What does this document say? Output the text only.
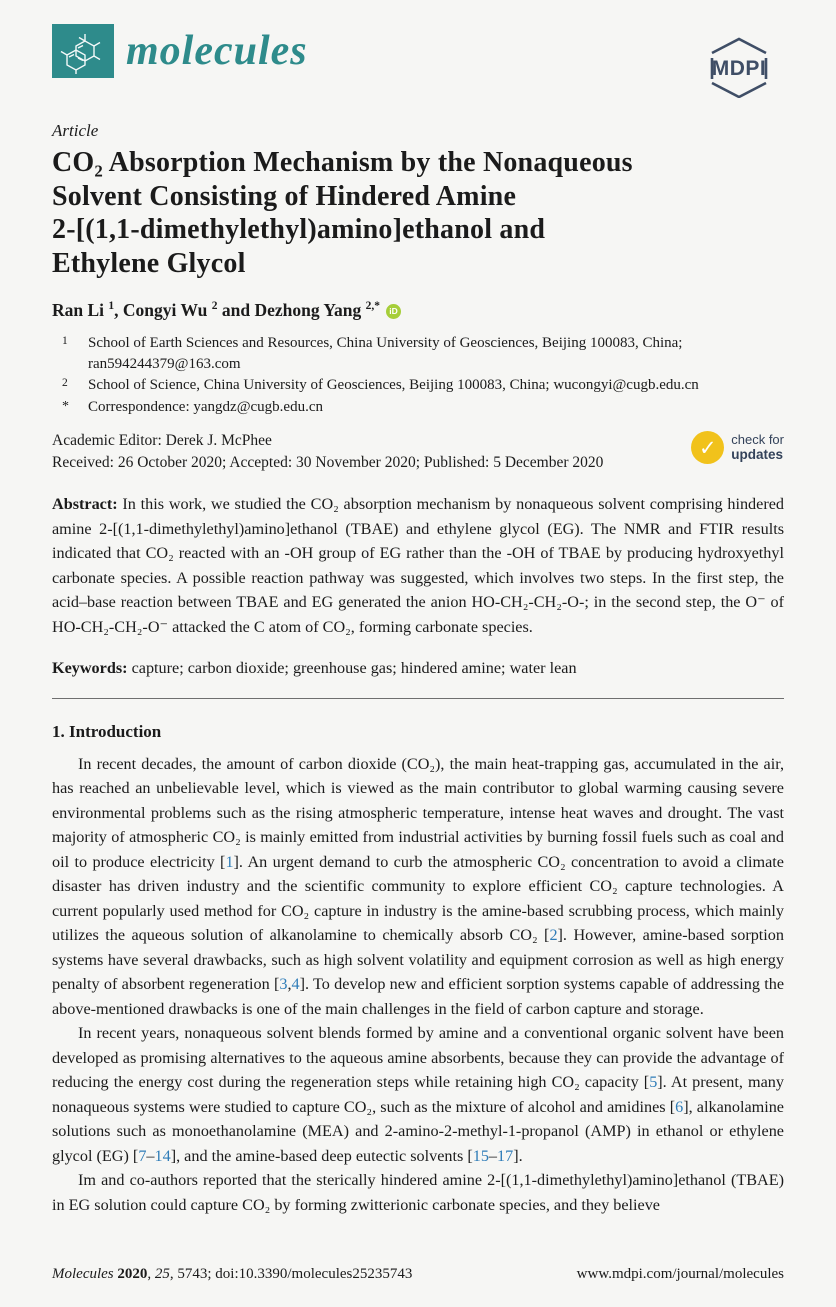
molecules	MDPI
Article
CO₂ Absorption Mechanism by the Nonaqueous
Solvent Consisting of Hindered Amine
2-[(1,1-dimethylethyl)amino]ethanol and
Ethylene Glycol
Ran Li $^1$, Congyi Wu $^2$ and Dezhong Yang $^{2,*}$ iD
1 School of Earth Sciences and Resources, China University of Geosciences, Beijing 100083, China; ran594244379@163.com
2 School of Science, China University of Geosciences, Beijing 100083, China; wucongyi@cugb.edu.cn
* Correspondence: yangdz@cugb.edu.cn
Academic Editor: Derek J. McPhee
Received: 26 October 2020; Accepted: 30 November 2020; Published: 5 December 2020
✓	check for
updates
Abstract: In this work, we studied the CO₂ absorption mechanism by nonaqueous solvent comprising hindered amine 2-[(1,1-dimethylethyl)amino]ethanol (TBAE) and ethylene glycol (EG). The NMR and FTIR results indicated that CO₂ reacted with an -OH group of EG rather than the -OH of TBAE by producing hydroxyethyl carbonate species. A possible reaction pathway was suggested, which involves two steps. In the first step, the acid–base reaction between TBAE and EG generated the anion HO-CH₂-CH₂-O-; in the second step, the O⁻ of HO-CH₂-CH₂-O⁻ attacked the C atom of CO₂, forming carbonate species.
Keywords: capture; carbon dioxide; greenhouse gas; hindered amine; water lean
1. Introduction

In recent decades, the amount of carbon dioxide (CO₂), the main heat-trapping gas, accumulated in the air, has reached an unbelievable level, which is viewed as the main contributor to global warming causing severe environmental problems such as the rising atmospheric temperature, intense heat waves and drought. The vast majority of atmospheric CO₂ is mainly emitted from industrial activities by burning fossil fuels such as coal and oil to produce electricity [1]. An urgent demand to curb the atmospheric CO₂ concentration to avoid a climate disaster has driven industry and the scientific community to explore efficient CO₂ capture technologies. A current popularly used method for CO₂ capture in industry is the amine-based scrubbing process, which mainly utilizes the aqueous solution of alkanolamine to chemically absorb CO₂ [2]. However, amine-based sorption systems have several drawbacks, such as high solvent volatility and equipment corrosion as well as high energy penalty of absorbent regeneration [3,4]. To develop new and efficient sorption systems capable of addressing the above-mentioned drawbacks is one of the main challenges in the field of carbon capture and storage.

In recent years, nonaqueous solvent blends formed by amine and a conventional organic solvent have been developed as promising alternatives to the aqueous amine absorbents, because they can provide the advantage of reducing the energy cost during the regeneration steps while retaining high CO₂ capacity [5]. At present, many nonaqueous systems were studied to capture CO₂, such as the mixture of alcohol and amidines [6], alkanolamine solutions such as monoethanolamine (MEA) and 2-amino-2-methyl-1-propanol (AMP) in ethanol or ethylene glycol (EG) [7–14], and the amine-based deep eutectic solvents [15–17].

Im and co-authors reported that the sterically hindered amine 2-[(1,1-dimethylethyl)amino]ethanol (TBAE) in EG solution could capture CO₂ by forming zwitterionic carbonate species, and they believe

Molecules 2020, 25, 5743; doi:10.3390/molecules25235743	www.mdpi.com/journal/molecules
